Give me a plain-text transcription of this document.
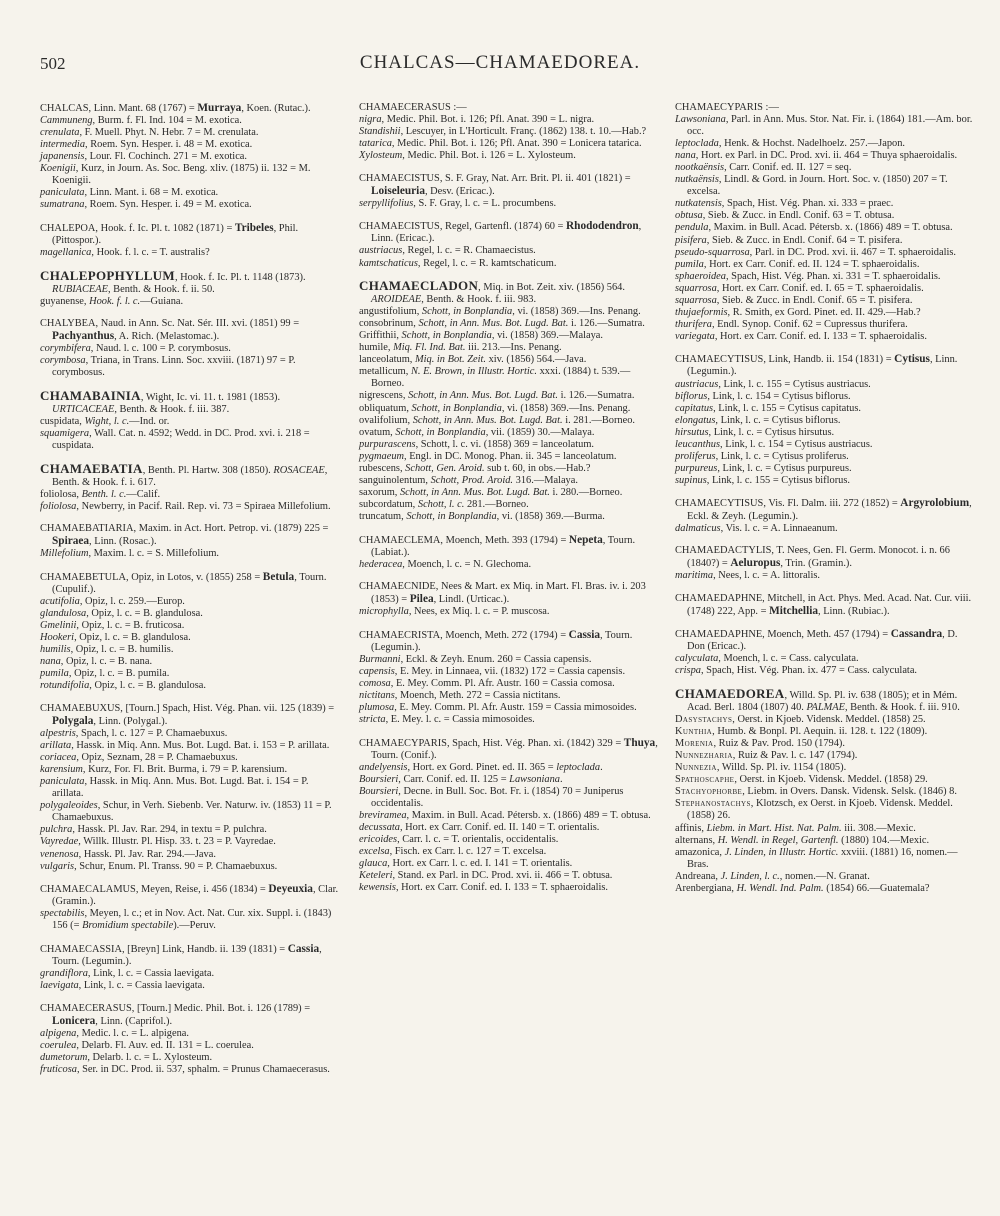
502	CHALCAS—CHAMAEDOREA.
CHALCAS, Linn. Mant. 68 (1767) = Murraya, Koen. (Rutac.).
Cammuneng, Burm. f. Fl. Ind. 104 = M. exotica.
crenulata, F. Muell. Phyt. N. Hebr. 7 = M. crenulata.
intermedia, Roem. Syn. Hesper. i. 48 = M. exotica.
japanensis, Lour. Fl. Cochinch. 271 = M. exotica.
Koenigii, Kurz, in Journ. As. Soc. Beng. xliv. (1875) ii. 132 = M. Koenigii.
paniculata, Linn. Mant. i. 68 = M. exotica.
sumatrana, Roem. Syn. Hesper. i. 49 = M. exotica.
CHALEPOA, Hook. f. Ic. Pl. t. 1082 (1871) = Tribeles, Phil. (Pittospor.).
magellanica, Hook. f. l. c. = T. australis?
CHALEPOPHYLLUM, Hook. f. Ic. Pl. t. 1148 (1873). RUBIACEAE, Benth. & Hook. f. ii. 50.
guyanense, Hook. f. l. c.—Guiana.
CHALYBEA, Naud. in Ann. Sc. Nat. Sér. III. xvi. (1851) 99 = Pachyanthus, A. Rich. (Melastomac.).
corymbifera, Naud. l. c. 100 = P. corymbosus.
corymbosa, Triana, in Trans. Linn. Soc. xxviii. (1871) 97 = P. corymbosus.
CHAMABAINIA, Wight, Ic. vi. 11. t. 1981 (1853). URTICACEAE, Benth. & Hook. f. iii. 387.
cuspidata, Wight, l. c.—Ind. or.
squamigera, Wall. Cat. n. 4592; Wedd. in DC. Prod. xvi. i. 218 = cuspidata.
CHAMAEBATIA, Benth. Pl. Hartw. 308 (1850). ROSACEAE, Benth. & Hook. f. i. 617.
foliolosa, Benth. l. c.—Calif.
foliolosa, Newberry, in Pacif. Rail. Rep. vi. 73 = Spiraea Millefolium.
CHAMAEBATIARIA, Maxim. in Act. Hort. Petrop. vi. (1879) 225 = Spiraea, Linn. (Rosac.).
Millefolium, Maxim. l. c. = S. Millefolium.
CHAMAEBETULA, Opiz, in Lotos, v. (1855) 258 = Betula, Tourn. (Cupulif.).
acutifolia, Opiz, l. c. 259.—Europ.
glandulosa, Opiz, l. c. = B. glandulosa.
Gmelinii, Opiz, l. c. = B. fruticosa.
Hookeri, Opiz, l. c. = B. glandulosa.
humilis, Opiz, l. c. = B. humilis.
nana, Opiz, l. c. = B. nana.
pumila, Opiz, l. c. = B. pumila.
rotundifolia, Opiz, l. c. = B. glandulosa.
CHAMAEBUXUS, [Tourn.] Spach, Hist. Vég. Phan. vii. 125 (1839) = Polygala, Linn. (Polygal.).
alpestris, Spach, l. c. 127 = P. Chamaebuxus.
arillata, Hassk. in Miq. Ann. Mus. Bot. Lugd. Bat. i. 153 = P. arillata.
coriacea, Opiz, Seznam, 28 = P. Chamaebuxus.
karensium, Kurz, For. Fl. Brit. Burma, i. 79 = P. karensium.
paniculata, Hassk. in Miq. Ann. Mus. Bot. Lugd. Bat. i. 154 = P. arillata.
polygaleoides, Schur, in Verh. Siebenb. Ver. Naturw. iv. (1853) 11 = P. Chamaebuxus.
pulchra, Hassk. Pl. Jav. Rar. 294, in textu = P. pulchra.
Vayredae, Willk. Illustr. Pl. Hisp. 33. t. 23 = P. Vayredae.
venenosa, Hassk. Pl. Jav. Rar. 294.—Java.
vulgaris, Schur, Enum. Pl. Transs. 90 = P. Chamaebuxus.
CHAMAECALAMUS, Meyen, Reise, i. 456 (1834) = Deyeuxia, Clar. (Gramin.).
spectabilis, Meyen, l. c.; et in Nov. Act. Nat. Cur. xix. Suppl. i. (1843) 156 (= Bromidium spectabile).—Peruv.
CHAMAECASSIA, [Breyn] Link, Handb. ii. 139 (1831) = Cassia, Tourn. (Legumin.).
grandiflora, Link, l. c. = Cassia laevigata.
laevigata, Link, l. c. = Cassia laevigata.
CHAMAECERASUS, [Tourn.] Medic. Phil. Bot. i. 126 (1789) = Lonicera, Linn. (Caprifol.).
alpigena, Medic. l. c. = L. alpigena.
coerulea, Delarb. Fl. Auv. ed. II. 131 = L. coerulea.
dumetorum, Delarb. l. c. = L. Xylosteum.
fruticosa, Ser. in DC. Prod. ii. 537, sphalm. = Prunus Chamaecerasus.
CHAMAECERASUS :—
nigra, Medic. Phil. Bot. i. 126; Pfl. Anat. 390 = L. nigra.
Standishii, Lescuyer, in L'Horticult. Franç. (1862) 138. t. 10.—Hab.?
tatarica, Medic. Phil. Bot. i. 126; Pfl. Anat. 390 = Lonicera tatarica.
Xylosteum, Medic. Phil. Bot. i. 126 = L. Xylosteum.
CHAMAECISTUS, S. F. Gray, Nat. Arr. Brit. Pl. ii. 401 (1821) = Loiseleuria, Desv. (Ericac.).
serpyllifolius, S. F. Gray, l. c. = L. procumbens.
CHAMAECISTUS, Regel, Gartenfl. (1874) 60 = Rhododendron, Linn. (Ericac.).
austriacus, Regel, l. c. = R. Chamaecistus.
kamtschaticus, Regel, l. c. = R. kamtschaticum.
CHAMAECLADON, Miq. in Bot. Zeit. xiv. (1856) 564. AROIDEAE, Benth. & Hook. f. iii. 983.
angustifolium, Schott, in Bonplandia, vi. (1858) 369.—Ins. Penang.
consobrinum, Schott, in Ann. Mus. Bot. Lugd. Bat. i. 126.—Sumatra.
Griffithii, Schott, in Bonplandia, vi. (1858) 369.—Malaya.
humile, Miq. Fl. Ind. Bat. iii. 213.—Ins. Penang.
lanceolatum, Miq. in Bot. Zeit. xiv. (1856) 564.—Java.
metallicum, N. E. Brown, in Illustr. Hortic. xxxi. (1884) t. 539.—Borneo.
nigrescens, Schott, in Ann. Mus. Bot. Lugd. Bat. i. 126.—Sumatra.
obliquatum, Schott, in Bonplandia, vi. (1858) 369.—Ins. Penang.
ovalifolium, Schott, in Ann. Mus. Bot. Lugd. Bat. i. 281.—Borneo.
ovatum, Schott, in Bonplandia, vii. (1859) 30.—Malaya.
purpurascens, Schott, l. c. vi. (1858) 369 = lanceolatum.
pygmaeum, Engl. in DC. Monog. Phan. ii. 345 = lanceolatum.
rubescens, Schott, Gen. Aroid. sub t. 60, in obs.—Hab.?
sanguinolentum, Schott, Prod. Aroid. 316.—Malaya.
saxorum, Schott, in Ann. Mus. Bot. Lugd. Bat. i. 280.—Borneo.
subcordatum, Schott, l. c. 281.—Borneo.
truncatum, Schott, in Bonplandia, vi. (1858) 369.—Burma.
CHAMAECLEMA, Moench, Meth. 393 (1794) = Nepeta, Tourn. (Labiat.).
hederacea, Moench, l. c. = N. Glechoma.
CHAMAECNIDE, Nees & Mart. ex Miq. in Mart. Fl. Bras. iv. i. 203 (1853) = Pilea, Lindl. (Urticac.).
microphylla, Nees, ex Miq. l. c. = P. muscosa.
CHAMAECRISTA, Moench, Meth. 272 (1794) = Cassia, Tourn. (Legumin.).
Burmanni, Eckl. & Zeyh. Enum. 260 = Cassia capensis.
capensis, E. Mey. in Linnaea, vii. (1832) 172 = Cassia capensis.
comosa, E. Mey. Comm. Pl. Afr. Austr. 160 = Cassia comosa.
nictitans, Moench, Meth. 272 = Cassia nictitans.
plumosa, E. Mey. Comm. Pl. Afr. Austr. 159 = Cassia mimosoides.
stricta, E. Mey. l. c. = Cassia mimosoides.
CHAMAECYPARIS, Spach, Hist. Vég. Phan. xi. (1842) 329 = Thuya, Tourn. (Conif.).
andelyensis, Hort. ex Gord. Pinet. ed. II. 365 = leptoclada.
Boursieri, Carr. Conif. ed. II. 125 = Lawsoniana.
Boursieri, Decne. in Bull. Soc. Bot. Fr. i. (1854) 70 = Juniperus occidentalis.
breviramea, Maxim. in Bull. Acad. Pétersb. x. (1866) 489 = T. obtusa.
decussata, Hort. ex Carr. Conif. ed. II. 140 = T. orientalis.
ericoides, Carr. l. c. = T. orientalis, occidentalis.
excelsa, Fisch. ex Carr. l. c. 127 = T. excelsa.
glauca, Hort. ex Carr. l. c. ed. I. 141 = T. orientalis.
Keteleri, Stand. ex Parl. in DC. Prod. xvi. ii. 466 = T. obtusa.
kewensis, Hort. ex Carr. Conif. ed. I. 133 = T. sphaeroidalis.
CHAMAECYPARIS :—
Lawsoniana, Parl. in Ann. Mus. Stor. Nat. Fir. i. (1864) 181.—Am. bor. occ.
leptoclada, Henk. & Hochst. Nadelhoelz. 257.—Japon.
nana, Hort. ex Parl. in DC. Prod. xvi. ii. 464 = Thuya sphaeroidalis.
nootkaënsis, Carr. Conif. ed. II. 127 = seq.
nutkaënsis, Lindl. & Gord. in Journ. Hort. Soc. v. (1850) 207 = T. excelsa.
nutkatensis, Spach, Hist. Vég. Phan. xi. 333 = praec.
obtusa, Sieb. & Zucc. in Endl. Conif. 63 = T. obtusa.
pendula, Maxim. in Bull. Acad. Pétersb. x. (1866) 489 = T. obtusa.
pisifera, Sieb. & Zucc. in Endl. Conif. 64 = T. pisifera.
pseudo-squarrosa, Parl. in DC. Prod. xvi. ii. 467 = T. sphaeroidalis.
pumila, Hort. ex Carr. Conif. ed. II. 124 = T. sphaeroidalis.
sphaeroidea, Spach, Hist. Vég. Phan. xi. 331 = T. sphaeroidalis.
squarrosa, Hort. ex Carr. Conif. ed. I. 65 = T. sphaeroidalis.
squarrosa, Sieb. & Zucc. in Endl. Conif. 65 = T. pisifera.
thujaeformis, R. Smith, ex Gord. Pinet. ed. II. 429.—Hab.?
thurifera, Endl. Synop. Conif. 62 = Cupressus thurifera.
variegata, Hort. ex Carr. Conif. ed. I. 133 = T. sphaeroidalis.
CHAMAECYTISUS, Link, Handb. ii. 154 (1831) = Cytisus, Linn. (Legumin.).
austriacus, Link, l. c. 155 = Cytisus austriacus.
biflorus, Link, l. c. 154 = Cytisus biflorus.
capitatus, Link, l. c. 155 = Cytisus capitatus.
elongatus, Link, l. c. = Cytisus biflorus.
hirsutus, Link, l. c. = Cytisus hirsutus.
leucanthus, Link, l. c. 154 = Cytisus austriacus.
proliferus, Link, l. c. = Cytisus proliferus.
purpureus, Link, l. c. = Cytisus purpureus.
supinus, Link, l. c. 155 = Cytisus biflorus.
CHAMAECYTISUS, Vis. Fl. Dalm. iii. 272 (1852) = Argyrolobium, Eckl. & Zeyh. (Legumin.).
dalmaticus, Vis. l. c. = A. Linnaeanum.
CHAMAEDACTYLIS, T. Nees, Gen. Fl. Germ. Monocot. i. n. 66 (1840?) = Aeluropus, Trin. (Gramin.).
maritima, Nees, l. c. = A. littoralis.
CHAMAEDAPHNE, Mitchell, in Act. Phys. Med. Acad. Nat. Cur. viii. (1748) 222, App. = Mitchellia, Linn. (Rubiac.).
CHAMAEDAPHNE, Moench, Meth. 457 (1794) = Cassandra, D. Don (Ericac.).
calyculata, Moench, l. c. = Cass. calyculata.
crispa, Spach, Hist. Vég. Phan. ix. 477 = Cass. calyculata.
CHAMAEDOREA, Willd. Sp. Pl. iv. 638 (1805); et in Mém. Acad. Berl. 1804 (1807) 40. PALMAE, Benth. & Hook. f. iii. 910.
Dasystachys, Oerst. in Kjoeb. Vidensk. Meddel. (1858) 25.
Kunthia, Humb. & Bonpl. Pl. Aequin. ii. 128. t. 122 (1809).
Morenia, Ruiz & Pav. Prod. 150 (1794).
Nunnezharia, Ruiz & Pav. l. c. 147 (1794).
Nunnezia, Willd. Sp. Pl. iv. 1154 (1805).
Spathoscaphe, Oerst. in Kjoeb. Vidensk. Meddel. (1858) 29.
Stachyophorbe, Liebm. in Overs. Dansk. Vidensk. Selsk. (1846) 8.
Stephanostachys, Klotzsch, ex Oerst. in Kjoeb. Vidensk. Meddel. (1858) 26.
affinis, Liebm. in Mart. Hist. Nat. Palm. iii. 308.—Mexic.
alternans, H. Wendl. in Regel, Gartenfl. (1880) 104.—Mexic.
amazonica, J. Linden, in Illustr. Hortic. xxviii. (1881) 16, nomen.—Bras.
Andreana, J. Linden, l. c., nomen.—N. Granat.
Arenbergiana, H. Wendl. Ind. Palm. (1854) 66.—Guatemala?
